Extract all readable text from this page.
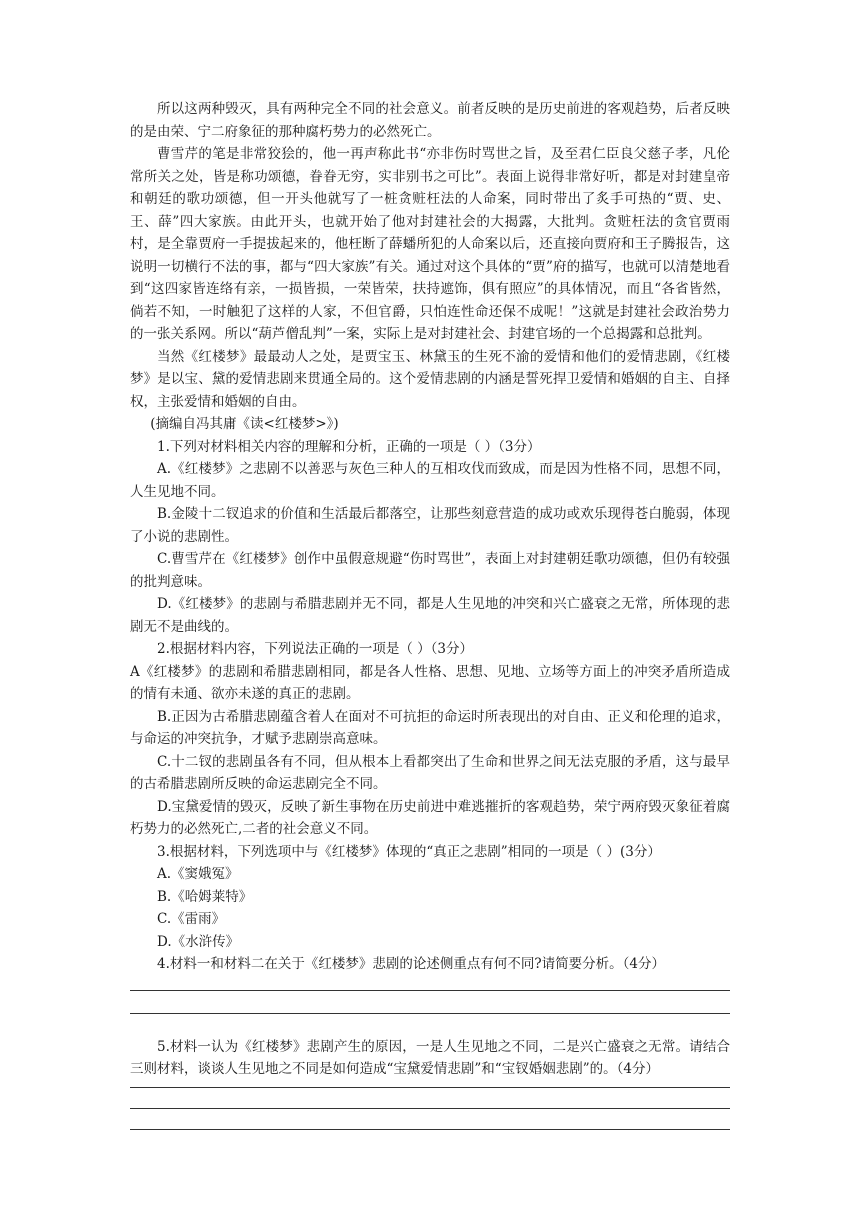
所以这两种毁灭，具有两种完全不同的社会意义。前者反映的是历史前进的客观趋势，后者反映的是由荣、宁二府象征的那种腐朽势力的必然死亡。

曹雪芹的笔是非常狡狯的，他一再声称此书“亦非伤时骂世之旨，及至君仁臣良父慈子孝，凡伦常所关之处，皆是称功颂德，眷眷无穷，实非别书之可比”。表面上说得非常好听，都是对封建皇帝和朝廷的歌功颂德，但一开头他就写了一桩贪赃枉法的人命案，同时带出了炙手可热的“贾、史、王、薛”四大家族。由此开头，也就开始了他对封建社会的大揭露，大批判。贪赃枉法的贪官贾雨村，是全靠贾府一手提拔起来的，他枉断了薛蟠所犯的人命案以后，还直接向贾府和王子腾报告，这说明一切横行不法的事，都与“四大家族”有关。通过对这个具体的“贾”府的描写，也就可以清楚地看到“这四家皆连络有亲，一损皆损，一荣皆荣，扶持遮饰，俱有照应”的具体情况，而且“各省皆然，倘若不知，一时触犯了这样的人家，不但官爵，只怕连性命还保不成呢！”这就是封建社会政治势力的一张关系网。所以“葫芦僧乱判”一案，实际上是对封建社会、封建官场的一个总揭露和总批判。

当然《红楼梦》最最动人之处，是贾宝玉、林黛玉的生死不渝的爱情和他们的爱情悲剧，《红楼梦》是以宝、黛的爱情悲剧来贯通全局的。这个爱情悲剧的内涵是誓死捍卫爱情和婚姻的自主、自择权，主张爱情和婚姻的自由。

(摘编自冯其庸《读<红楼梦>》)

1.下列对材料相关内容的理解和分析，正确的一项是（ ）（3分）

A.《红楼梦》之悲剧不以善恶与灰色三种人的互相攻伐而致成，而是因为性格不同，思想不同，人生见地不同。

B.金陵十二钗追求的价值和生活最后都落空，让那些刻意营造的成功或欢乐现得苍白脆弱，体现了小说的悲剧性。

C.曹雪芹在《红楼梦》创作中虽假意规避“伤时骂世”，表面上对封建朝廷歌功颂德，但仍有较强的批判意味。

D.《红楼梦》的悲剧与希腊悲剧并无不同，都是人生见地的冲突和兴亡盛衰之无常，所体现的悲剧无不是曲线的。

2.根据材料内容，下列说法正确的一项是（ ）（3分）

A《红楼梦》的悲剧和希腊悲剧相同，都是各人性格、思想、见地、立场等方面上的冲突矛盾所造成的情有未通、欲亦未遂的真正的悲剧。

B.正因为古希腊悲剧蕴含着人在面对不可抗拒的命运时所表现出的对自由、正义和伦理的追求，与命运的冲突抗争，才赋予悲剧崇高意味。

C.十二钗的悲剧虽各有不同，但从根本上看都突出了生命和世界之间无法克服的矛盾，这与最早的古希腊悲剧所反映的命运悲剧完全不同。

D.宝黛爱情的毁灭，反映了新生事物在历史前进中难逃摧折的客观趋势，荣宁两府毁灭象征着腐朽势力的必然死亡,二者的社会意义不同。

3.根据材料，下列选项中与《红楼梦》体现的“真正之悲剧”相同的一项是（ ）(3分）

A.《窦娥冤》

B.《哈姆莱特》

C.《雷雨》

D.《水浒传》

4.材料一和材料二在关于《红楼梦》悲剧的论述侧重点有何不同?请简要分析。（4分）

5.材料一认为《红楼梦》悲剧产生的原因，一是人生见地之不同，二是兴亡盛衰之无常。请结合三则材料，谈谈人生见地之不同是如何造成“宝黛爱情悲剧”和“宝钗婚姻悲剧”的。（4分）
